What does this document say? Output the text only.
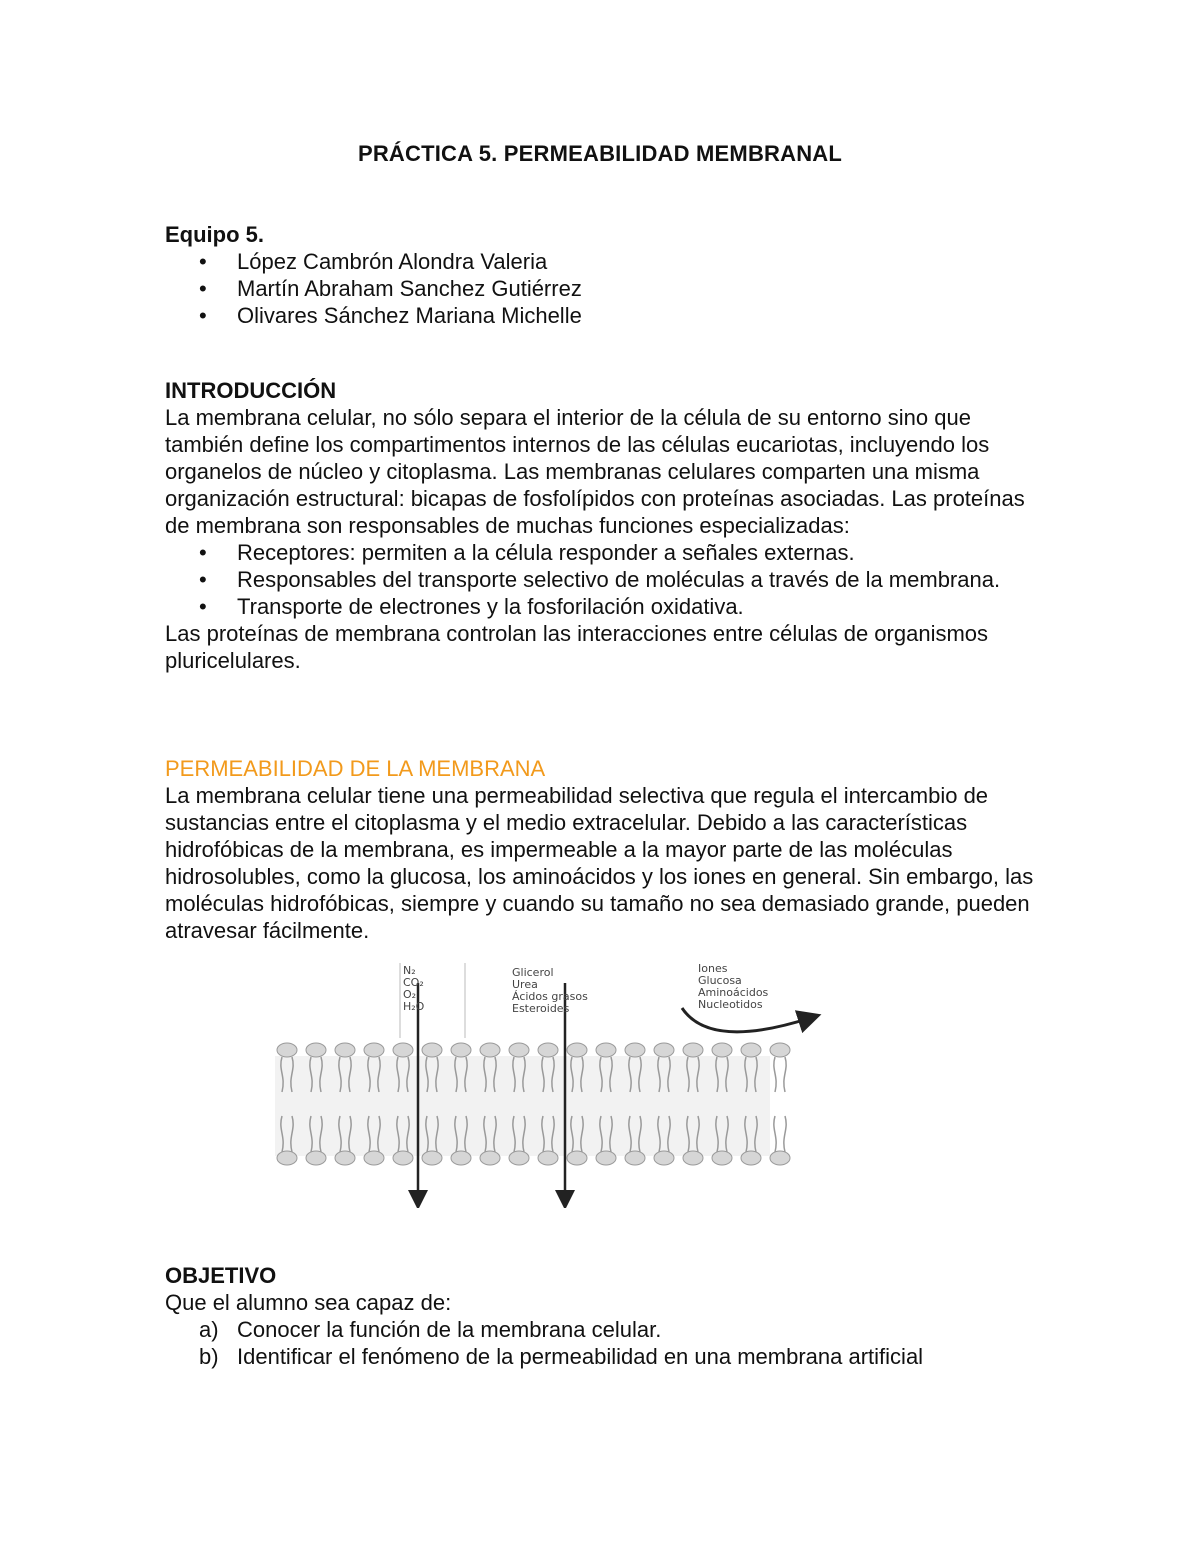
PRÁCTICA 5. PERMEABILIDAD MEMBRANAL

Equipo 5.

• López Cambrón Alondra Valeria
• Martín Abraham Sanchez Gutiérrez
• Olivares Sánchez Mariana Michelle

INTRODUCCIÓN

La membrana celular, no sólo separa el interior de la célula de su entorno sino que también define los compartimentos internos de las células eucariotas, incluyendo los organelos de núcleo y citoplasma. Las membranas celulares comparten una misma organización estructural: bicapas de fosfolípidos con proteínas asociadas. Las proteínas de membrana son responsables de muchas funciones especializadas:

• Receptores: permiten a la célula responder a señales externas.
• Responsables del transporte selectivo de moléculas a través de la membrana.
• Transporte de electrones y la fosforilación oxidativa.

Las proteínas de membrana controlan las interacciones entre células de organismos pluricelulares.

PERMEABILIDAD DE LA MEMBRANA

La membrana celular tiene una permeabilidad selectiva que regula el intercambio de sustancias entre el citoplasma y el medio extracelular. Debido a las características hidrofóbicas de la membrana, es impermeable a la mayor parte de las moléculas hidrosolubles, como la glucosa, los aminoácidos y los iones en general. Sin embargo, las moléculas hidrofóbicas, siempre y cuando su tamaño no sea demasiado grande, pueden atravesar fácilmente.

N₂
CO₂
O₂
H₂O
Glicerol
Urea
Ácidos grasos
Esteroides
Iones
Glucosa
Aminoácidos
Nucleotidos

OBJETIVO

Que el alumno sea capaz de:

a) Conocer la función de la membrana celular.
b) Identificar el fenómeno de la permeabilidad en una membrana artificial
